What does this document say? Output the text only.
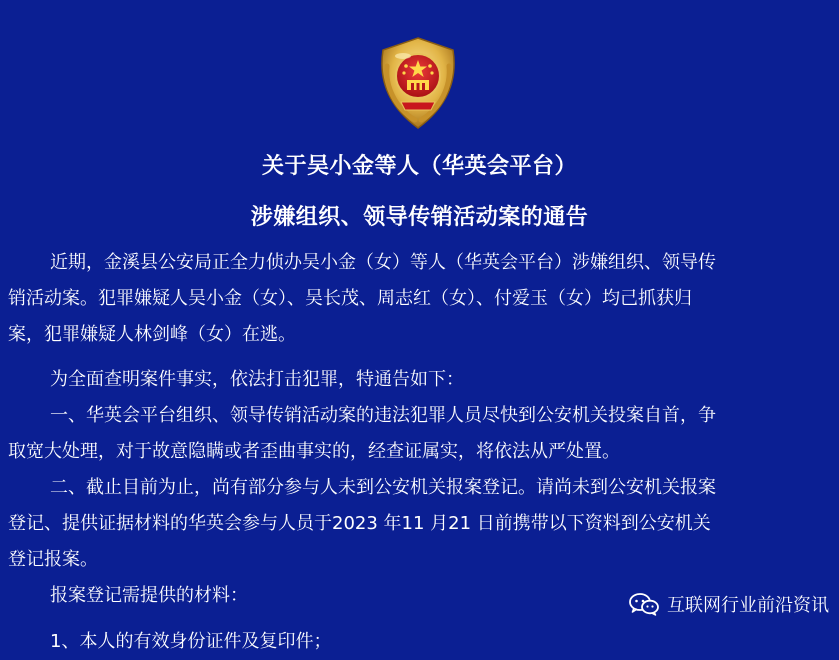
关于吴小金等人（华英会平台）
涉嫌组织、领导传销活动案的通告
近期，金溪县公安局正全力侦办吴小金（女）等人（华英会平台）涉嫌组织、领导传
销活动案。犯罪嫌疑人吴小金（女）、吴长茂、周志红（女）、付爱玉（女）均己抓获归
案，犯罪嫌疑人林剑峰（女）在逃。
为全面查明案件事实，依法打击犯罪，特通告如下：
一、华英会平台组织、领导传销活动案的违法犯罪人员尽快到公安机关投案自首，争
取宽大处理，对于故意隐瞒或者歪曲事实的，经查证属实，将依法从严处置。
二、截止目前为止，尚有部分参与人未到公安机关报案登记。请尚未到公安机关报案
登记、提供证据材料的华英会参与人员于2023 年11 月21 日前携带以下资料到公安机关
登记报案。
报案登记需提供的材料：
1、本人的有效身份证件及复印件；
互联网行业前沿资讯
